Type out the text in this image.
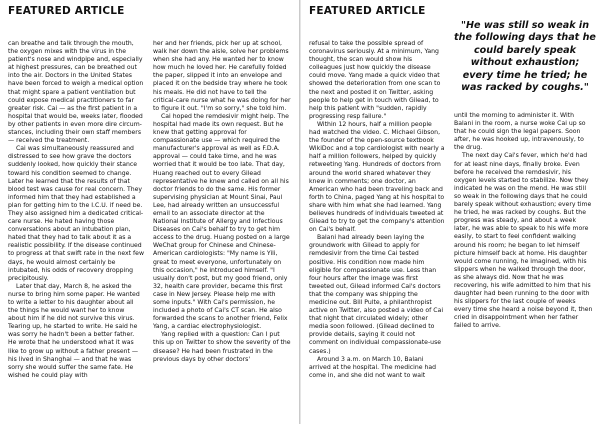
FEATURED ARTICLE

can breathe and talk through the mouth, the oxygen mixes with the virus in the patient's nose and windpipe and, especially at highest pressures, can be breathed out into the air. Doctors in the United States have been forced to weigh a medical option that might spare a patient ventilation but could expose medical practitioners to far greater risk. Cai — as the first patient in a hospital that would be, weeks later, flooded by other patients in even more dire circum-stances, including their own staff members — received the treatment.

Cai was simultaneously reassured and distressed to see how grave the doctors suddenly looked, how quickly their stance toward his condition seemed to change. Later he learned that the results of that blood test was cause for real concern. They informed him that they had established a plan for getting him to the I.C.U. if need be. They also assigned him a dedicated critical-care nurse. He hated having those conversations about an intubation plan, hated that they had to talk about it as a realistic possibility. If the disease continued to progress at that swift rate in the next few days, he would almost certainly be intubated, his odds of recovery dropping precipitously.

Later that day, March 8, he asked the nurse to bring him some paper. He wanted to write a letter to his daughter about all the things he would want her to know about him if he did not survive this virus. Tearing up, he started to write. He said he was sorry he hadn't been a better father. He wrote that he understood what it was like to grow up without a father present — his lived in Shanghai — and that he was sorry she would suffer the same fate. He wished he could play with

her and her friends, pick her up at school, walk her down the aisle, solve her problems when she had any. He wanted her to know how much he loved her. He carefully folded the paper, slipped it into an envelope and placed it on the bedside tray where he took his meals. He did not have to tell the critical-care nurse what he was doing for her to figure it out. "I'm so sorry," she told him.

Cai hoped the remdesivir might help. The hospital had made its own request. But he knew that getting approval for compassionate use — which required the manufacturer's approval as well as F.D.A. approval — could take time, and he was worried that it would be too late. That day, Huang reached out to every Gilead representative he knew and called on all his doctor friends to do the same. His former supervising physician at Mount Sinai, Paul Lee, had already written an unsuccessful email to an associate director at the National Institute of Allergy and Infectious Diseases on Cai's behalf to try to get him access to the drug. Huang posted on a large WeChat group for Chinese and Chinese-American cardiologists: "My name is Yili, great to meet everyone, unfortunately on this occasion," he introduced himself. "I usually don't post, but my good friend, only 32, health care provider, became this first case in New Jersey. Please help me with some inputs." With Cai's permission, he included a photo of Cai's CT scan. He also forwarded the scans to another friend, Felix Yang, a cardiac electrophysiologist.

Yang replied with a question: Can I put this up on Twitter to show the severity of the disease? He had been frustrated in the previous days by other doctors'

FEATURED ARTICLE
"He was still so weak in the following days that he could barely speak without exhaustion; every time he tried; he was racked by coughs."

refusal to take the possible spread of coronavirus seriously. At a minimum, Yang thought, the scan would show his colleagues just how quickly the disease could move. Yang made a quick video that showed the deterioration from one scan to the next and posted it on Twitter, asking people to help get in touch with Gilead, to help this patient with "sudden, rapidly progressing resp failure."

Within 12 hours, half a million people had watched the video. C. Michael Gibson, the founder of the open-source textbook WikiDoc and a top cardiologist with nearly a half a million followers, helped by quickly retweeting Yang. Hundreds of doctors from around the world shared whatever they knew in comments; one doctor, an American who had been traveling back and forth to China, paged Yang at his hospital to share with him what she had learned. Yang believes hundreds of individuals tweeted at Gilead to try to get the company's attention on Cai's behalf.

Balani had already been laying the groundwork with Gilead to apply for remdesivir from the time Cai tested positive. His condition now made him eligible for compassionate use. Less than four hours after the image was first tweeted out, Gilead informed Cai's doctors that the company was shipping the medicine out. Bill Pulte, a philanthropist active on Twitter, also posted a video of Cai that night that circulated widely; other media soon followed. (Gilead declined to provide details, saying it could not comment on individual compassionate-use cases.)

Around 3 a.m. on March 10, Balani arrived at the hospital. The medicine had come in, and she did not want to wait

until the morning to administer it. With Balani in the room, a nurse woke Cai up so that he could sign the legal papers. Soon after, he was hooked up, intravenously, to the drug.

The next day Cai's fever, which he'd had for at least nine days, finally broke. Even before he received the remdesivir, his oxygen levels started to stabilize. Now they indicated he was on the mend. He was still so weak in the following days that he could barely speak without exhaustion; every time he tried, he was racked by coughs. But the progress was steady, and about a week later, he was able to speak to his wife more easily, to start to feel confident walking around his room; he began to let himself picture himself back at home. His daughter would come running, he imagined, with his slippers when he walked through the door, as she always did. Now that he was recovering, his wife admitted to him that his daughter had been running to the door with his slippers for the last couple of weeks every time she heard a noise beyond it, then cried in disappointment when her father failed to arrive.
